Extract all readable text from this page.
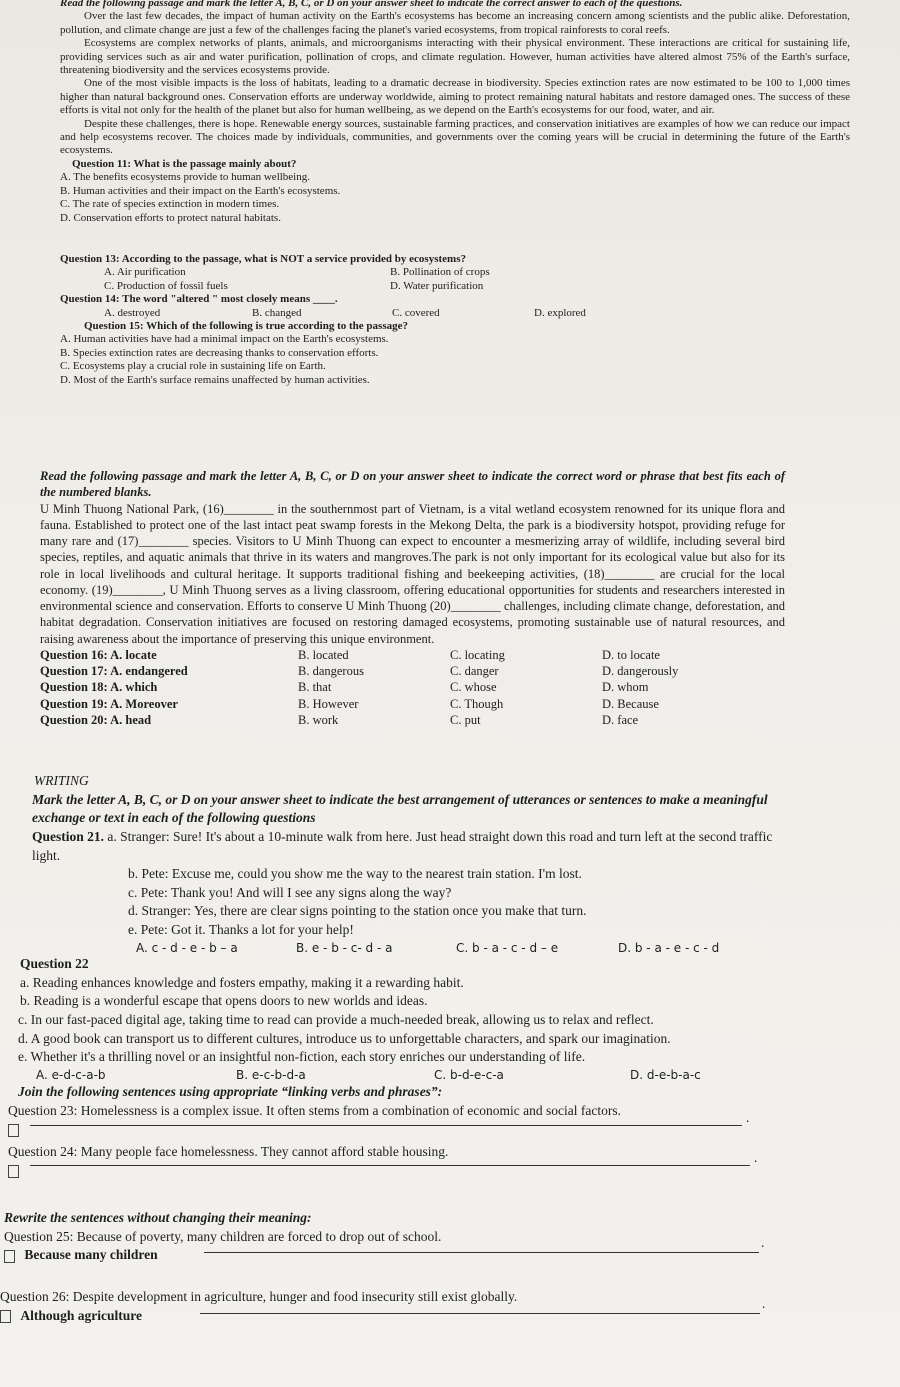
Read the following passage and mark the letter A, B, C, or D on your answer sheet to indicate the correct answer to each of the questions.

Over the last few decades, the impact of human activity on the Earth's ecosystems has become an increasing concern among scientists and the public alike. Deforestation, pollution, and climate change are just a few of the challenges facing the planet's varied ecosystems, from tropical rainforests to coral reefs.

Ecosystems are complex networks of plants, animals, and microorganisms interacting with their physical environment. These interactions are critical for sustaining life, providing services such as air and water purification, pollination of crops, and climate regulation. However, human activities have altered almost 75% of the Earth's surface, threatening biodiversity and the services ecosystems provide.

One of the most visible impacts is the loss of habitats, leading to a dramatic decrease in biodiversity. Species extinction rates are now estimated to be 100 to 1,000 times higher than natural background ones. Conservation efforts are underway worldwide, aiming to protect remaining natural habitats and restore damaged ones. The success of these efforts is vital not only for the health of the planet but also for human wellbeing, as we depend on the Earth's ecosystems for our food, water, and air.

Despite these challenges, there is hope. Renewable energy sources, sustainable farming practices, and conservation initiatives are examples of how we can reduce our impact and help ecosystems recover. The choices made by individuals, communities, and governments over the coming years will be crucial in determining the future of the Earth's ecosystems.

Question 11: What is the passage mainly about?

A. The benefits ecosystems provide to human wellbeing.

B. Human activities and their impact on the Earth's ecosystems.

C. The rate of species extinction in modern times.

D. Conservation efforts to protect natural habitats.

Question 13: According to the passage, what is NOT a service provided by ecosystems?

A. Air purification	B. Pollination of crops
C. Production of fossil fuels	D. Water purification

Question 14: The word "altered " most closely means ____.

A. destroyed	B. changed	C. covered	D. explored

Question 15: Which of the following is true according to the passage?

A. Human activities have had a minimal impact on the Earth's ecosystems.

B. Species extinction rates are decreasing thanks to conservation efforts.

C. Ecosystems play a crucial role in sustaining life on Earth.

D. Most of the Earth's surface remains unaffected by human activities.

Read the following passage and mark the letter A, B, C, or D on your answer sheet to indicate the correct word or phrase that best fits each of the numbered blanks.

U Minh Thuong National Park, (16)________ in the southernmost part of Vietnam, is a vital wetland ecosystem renowned for its unique flora and fauna. Established to protect one of the last intact peat swamp forests in the Mekong Delta, the park is a biodiversity hotspot, providing refuge for many rare and (17)________ species. Visitors to U Minh Thuong can expect to encounter a mesmerizing array of wildlife, including several bird species, reptiles, and aquatic animals that thrive in its waters and mangroves.The park is not only important for its ecological value but also for its role in local livelihoods and cultural heritage. It supports traditional fishing and beekeeping activities, (18)________ are crucial for the local economy. (19)________, U Minh Thuong serves as a living classroom, offering educational opportunities for students and researchers interested in environmental science and conservation. Efforts to conserve U Minh Thuong (20)________ challenges, including climate change, deforestation, and habitat degradation. Conservation initiatives are focused on restoring damaged ecosystems, promoting sustainable use of natural resources, and raising awareness about the importance of preserving this unique environment.

Question 16: A. locate	B. located	C. locating	D. to locate
Question 17: A. endangered	B. dangerous	C. danger	D. dangerously
Question 18: A. which	B. that	C. whose	D. whom
Question 19: A. Moreover	B. However	C. Though	D. Because
Question 20: A. head	B. work	C. put	D. face

WRITING

Mark the letter A, B, C, or D on your answer sheet to indicate the best arrangement of utterances or sentences to make a meaningful exchange or text in each of the following questions

Question 21. a. Stranger: Sure! It's about a 10-minute walk from here. Just head straight down this road and turn left at the second traffic light.

b. Pete: Excuse me, could you show me the way to the nearest train station. I'm lost.

c. Pete: Thank you! And will I see any signs along the way?

d. Stranger: Yes, there are clear signs pointing to the station once you make that turn.

e. Pete: Got it. Thanks a lot for your help!

A. c - d - e - b – a	B. e - b - c- d - a	C. b - a - c - d – e	D. b - a - e - c - d

Question 22

a. Reading enhances knowledge and fosters empathy, making it a rewarding habit.

b. Reading is a wonderful escape that opens doors to new worlds and ideas.

c. In our fast-paced digital age, taking time to read can provide a much-needed break, allowing us to relax and reflect.

d. A good book can transport us to different cultures, introduce us to unforgettable characters, and spark our imagination.

e. Whether it's a thrilling novel or an insightful non-fiction, each story enriches our understanding of life.

A. e-d-c-a-b	B. e-c-b-d-a	C. b-d-e-c-a	D. d-e-b-a-c

Join the following sentences using appropriate “linking verbs and phrases”:

Question 23: Homelessness is a complex issue. It often stems from a combination of economic and social factors.	.

Question 24: Many people face homelessness. They cannot afford stable housing.	.

Rewrite the sentences without changing their meaning:

Question 25: Because of poverty, many children are forced to drop out of school.

Because many children
.

Question 26: Despite development in agriculture, hunger and food insecurity still exist globally.

Although agriculture
.
